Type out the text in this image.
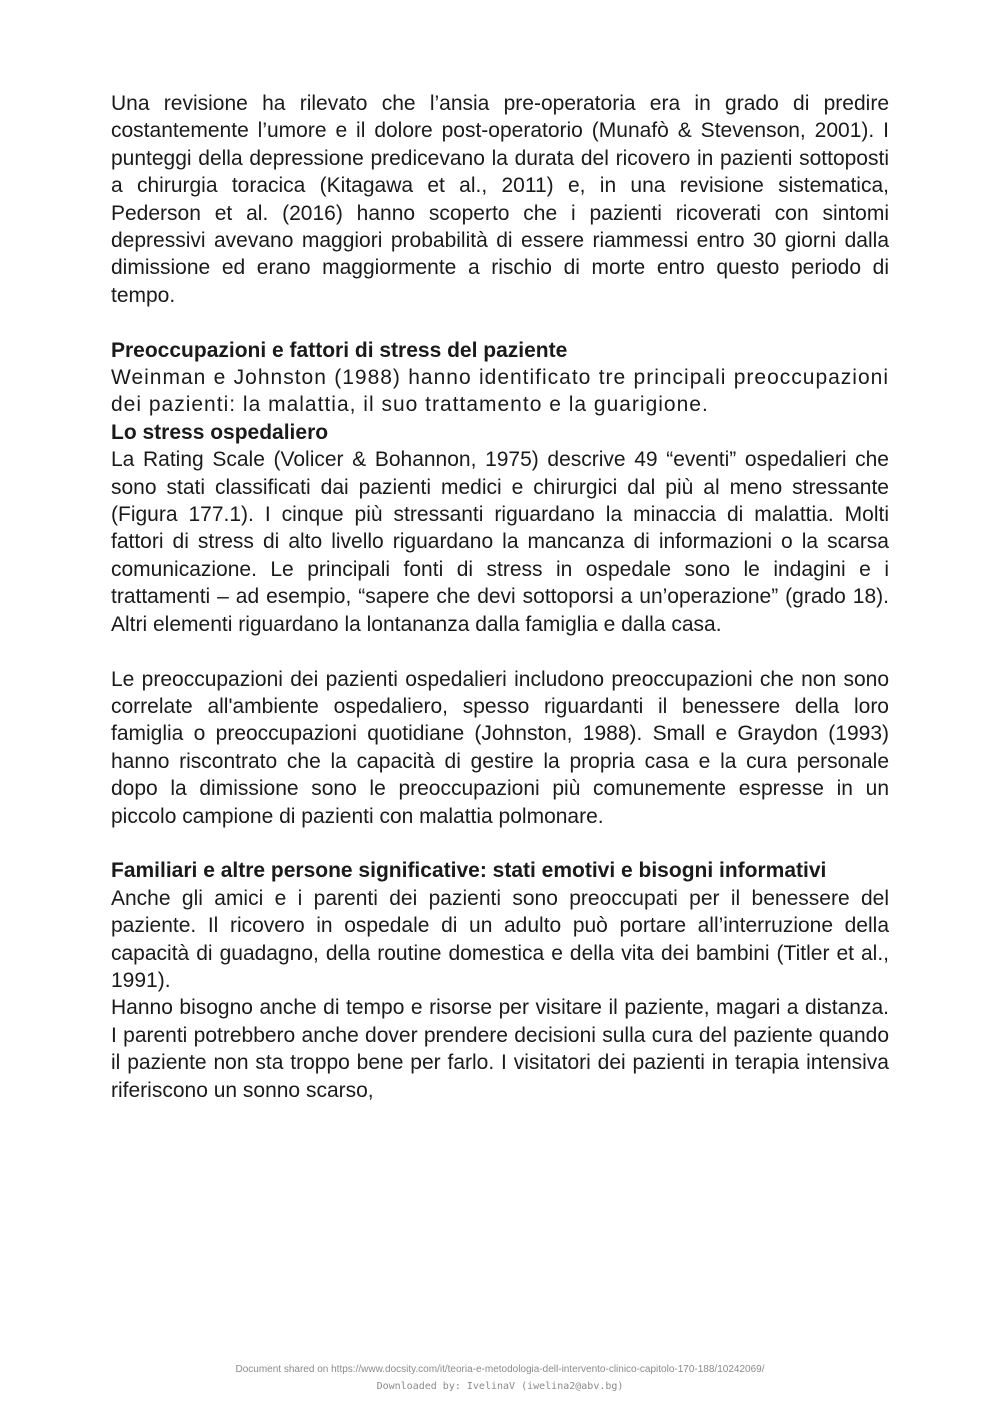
Una revisione ha rilevato che l’ansia pre-operatoria era in grado di predire costantemente l’umore e il dolore post-operatorio (Munafò & Stevenson, 2001). I punteggi della depressione predicevano la durata del ricovero in pazienti sottoposti a chirurgia toracica (Kitagawa et al., 2011) e, in una revisione sistematica, Pederson et al. (2016) hanno scoperto che i pazienti ricoverati con sintomi depressivi avevano maggiori probabilità di essere riammessi entro 30 giorni dalla dimissione ed erano maggiormente a rischio di morte entro questo periodo di tempo.

Preoccupazioni e fattori di stress del paziente

Weinman e Johnston (1988) hanno identificato tre principali preoccupazioni dei pazienti: la malattia, il suo trattamento e la guarigione.

Lo stress ospedaliero

La Rating Scale (Volicer & Bohannon, 1975) descrive 49 “eventi” ospedalieri che sono stati classificati dai pazienti medici e chirurgici dal più al meno stressante (Figura 177.1). I cinque più stressanti riguardano la minaccia di malattia. Molti fattori di stress di alto livello riguardano la mancanza di informazioni o la scarsa comunicazione. Le principali fonti di stress in ospedale sono le indagini e i trattamenti – ad esempio, “sapere che devi sottoporsi a un’operazione” (grado 18). Altri elementi riguardano la lontananza dalla famiglia e dalla casa.

Le preoccupazioni dei pazienti ospedalieri includono preoccupazioni che non sono correlate all'ambiente ospedaliero, spesso riguardanti il benessere della loro famiglia o preoccupazioni quotidiane (Johnston, 1988). Small e Graydon (1993) hanno riscontrato che la capacità di gestire la propria casa e la cura personale dopo la dimissione sono le preoccupazioni più comunemente espresse in un piccolo campione di pazienti con malattia polmonare.

Familiari e altre persone significative: stati emotivi e bisogni informativi

Anche gli amici e i parenti dei pazienti sono preoccupati per il benessere del paziente. Il ricovero in ospedale di un adulto può portare all’interruzione della capacità di guadagno, della routine domestica e della vita dei bambini (Titler et al., 1991).

Hanno bisogno anche di tempo e risorse per visitare il paziente, magari a distanza. I parenti potrebbero anche dover prendere decisioni sulla cura del paziente quando il paziente non sta troppo bene per farlo. I visitatori dei pazienti in terapia intensiva riferiscono un sonno scarso,

Document shared on https://www.docsity.com/it/teoria-e-metodologia-dell-intervento-clinico-capitolo-170-188/10242069/
Downloaded by: IvelinaV (iwelina2@abv.bg)
